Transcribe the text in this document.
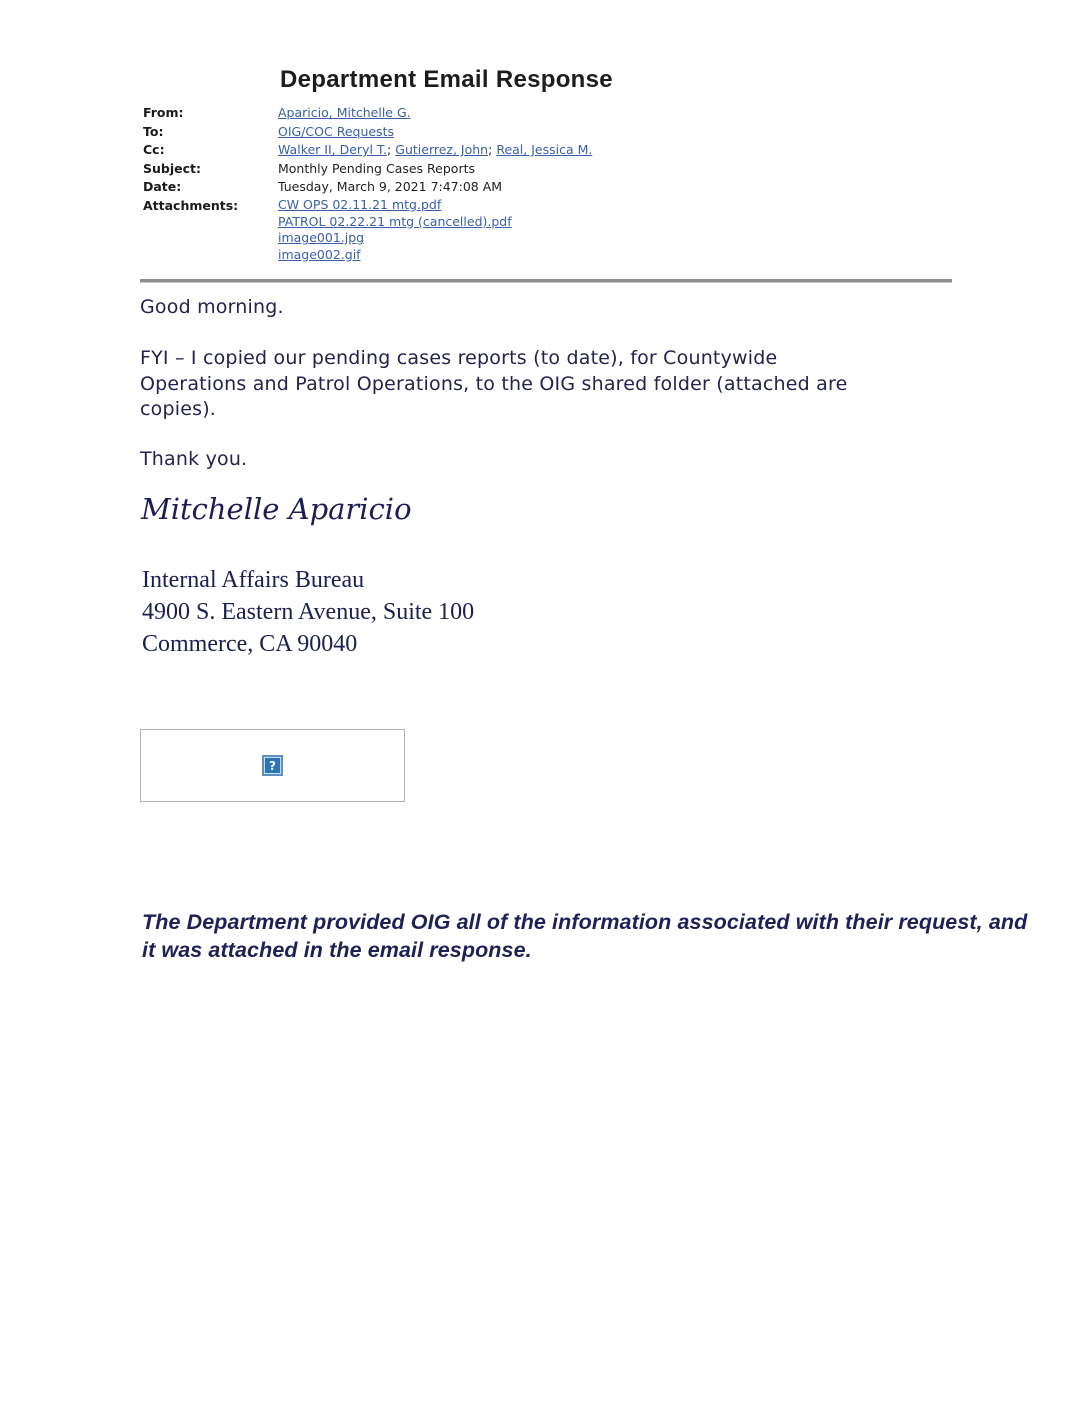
Department Email Response
From:	Aparicio, Mitchelle G.
To:	OIG/COC Requests
Cc:	Walker II, Deryl T.; Gutierrez, John; Real, Jessica M.
Subject:	Monthly Pending Cases Reports
Date:	Tuesday, March 9, 2021 7:47:08 AM
Attachments:	CW OPS 02.11.21 mtg.pdf
PATROL 02.22.21 mtg (cancelled).pdf
image001.jpg
image002.gif
Good morning.
FYI – I copied our pending cases reports (to date), for Countywide
Operations and Patrol Operations, to the OIG shared folder (attached are
copies).
Thank you.
Mitchelle Aparicio
Internal Affairs Bureau
4900 S. Eastern Avenue, Suite 100
Commerce, CA 90040
?
The Department provided OIG all of the information associated with their request, and
it was attached in the email response.
